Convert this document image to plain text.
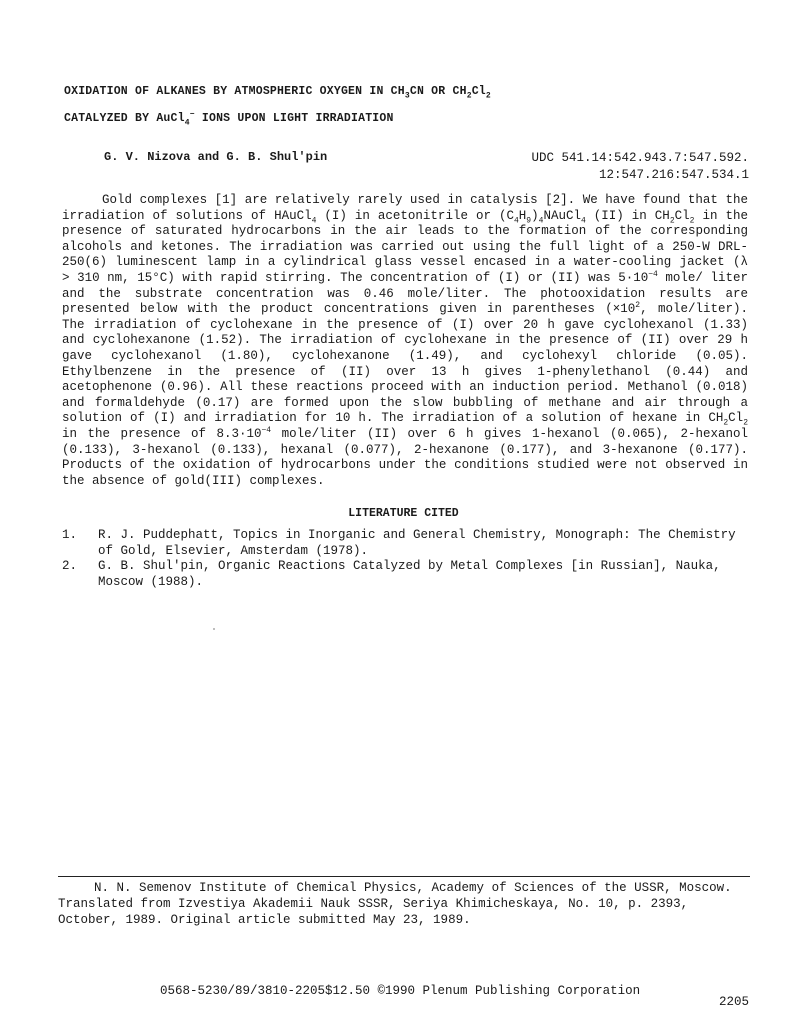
OXIDATION OF ALKANES BY ATMOSPHERIC OXYGEN IN $CH_3CN$ OR $CH_2Cl_2$
CATALYZED BY AuCl$_4$− IONS UPON LIGHT IRRADIATION
G. V. Nizova and G. B. Shul'pin	UDC 541.14:542.943.7:547.592.
12:547.216:547.534.1

Gold complexes [1] are relatively rarely used in catalysis [2]. We have found that the irradiation of solutions of HAuCl$_4$ (I) in acetonitrile or $(C_4H_9)_4NAuCl_4$ (II) in $CH_2Cl_2$ in the presence of saturated hydrocarbons in the air leads to the formation of the corresponding alcohols and ketones. The irradiation was carried out using the full light of a 250-W DRL-250(6) luminescent lamp in a cylindrical glass vessel encased in a water-cooling jacket (λ > 310 nm, 15°C) with rapid stirring. The concentration of (I) or (II) was $5\cdot 10^{-4}$ mole/ liter and the substrate concentration was 0.46 mole/liter. The photooxidation results are presented below with the product concentrations given in parentheses ($\times 10^2$, mole/liter). The irradiation of cyclohexane in the presence of (I) over 20 h gave cyclohexanol (1.33) and cyclohexanone (1.52). The irradiation of cyclohexane in the presence of (II) over 29 h gave cyclohexanol (1.80), cyclohexanone (1.49), and cyclohexyl chloride (0.05). Ethylbenzene in the presence of (II) over 13 h gives 1-phenylethanol (0.44) and acetophenone (0.96). All these reactions proceed with an induction period. Methanol (0.018) and formaldehyde (0.17) are formed upon the slow bubbling of methane and air through a solution of (I) and irradiation for 10 h. The irradiation of a solution of hexane in $CH_2Cl_2$ in the presence of $8.3\cdot 10^{-4}$ mole/liter (II) over 6 h gives 1-hexanol (0.065), 2-hexanol (0.133), 3-hexanol (0.133), hexanal (0.077), 2-hexanone (0.177), and 3-hexanone (0.177). Products of the oxidation of hydrocarbons under the conditions studied were not observed in the absence of gold(III) complexes.

LITERATURE CITED
1. R. J. Puddephatt, Topics in Inorganic and General Chemistry, Monograph: The Chemistry of Gold, Elsevier, Amsterdam (1978).
2. G. B. Shul'pin, Organic Reactions Catalyzed by Metal Complexes [in Russian], Nauka, Moscow (1988).

N. N. Semenov Institute of Chemical Physics, Academy of Sciences of the USSR, Moscow. Translated from Izvestiya Akademii Nauk SSSR, Seriya Khimicheskaya, No. 10, p. 2393, October, 1989. Original article submitted May 23, 1989.

0568-5230/89/3810-2205$12.50 ©1990 Plenum Publishing Corporation
2205
